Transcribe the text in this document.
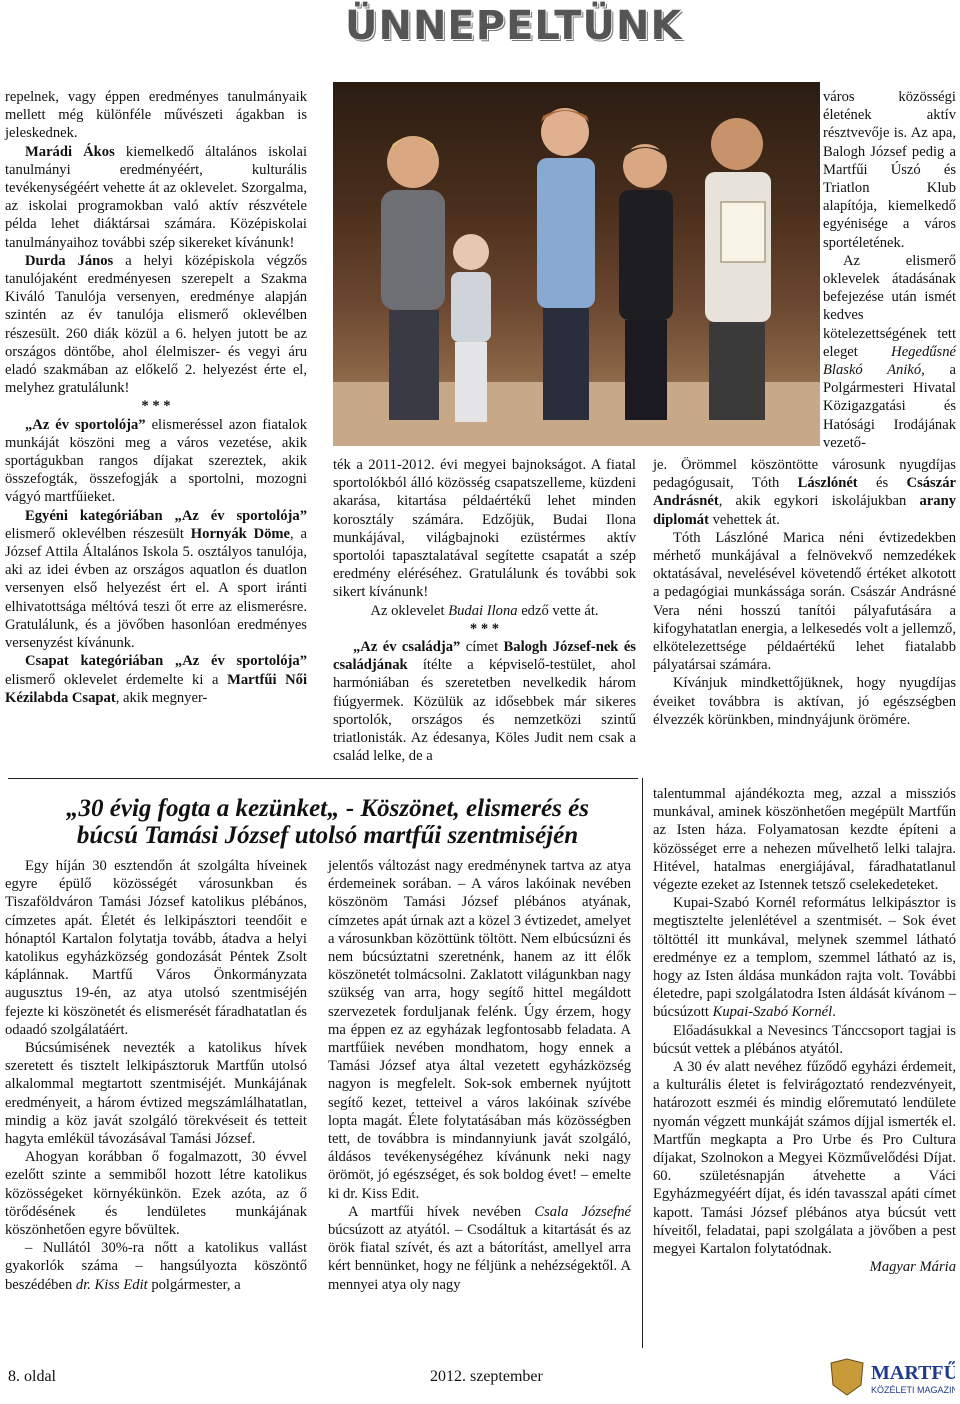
ÜNNEPELTÜNK

repelnek, vagy éppen eredményes tanulmányaik mellett még különféle művészeti ágakban is jeleskednek.

Marádi Ákos kiemelkedő általános iskolai tanulmányi eredményéért, kulturális tevékenységéért vehette át az oklevelet. Szorgalma, az iskolai programokban való aktív részvétele példa lehet diáktársai számára. Középiskolai tanulmányaihoz további szép sikereket kívánunk!

Durda János a helyi középiskola végzős tanulójaként eredményesen szerepelt a Szakma Kiváló Tanulója versenyen, eredménye alapján szintén az év tanulója elismerő oklevélben részesült. 260 diák közül a 6. helyen jutott be az országos döntőbe, ahol élelmiszer- és vegyi áru eladó szakmában az előkelő 2. helyezést érte el, melyhez gratulálunk!

* * *

„Az év sportolója” elismeréssel azon fiatalok munkáját köszöni meg a város vezetése, akik sportágukban rangos díjakat szereztek, akik összefogták, összefogják a sportolni, mozogni vágyó martfűieket.

Egyéni kategóriában „Az év sportolója” elismerő oklevélben részesült Hornyák Döme, a József Attila Általános Iskola 5. osztályos tanulója, aki az idei évben az országos aquatlon és duatlon versenyen első helyezést ért el. A sport iránti elhivatottsága méltóvá teszi őt erre az elismerésre. Gratulálunk, és a jövőben hasonlóan eredményes versenyzést kívánunk.

Csapat kategóriában „Az év sportolója” elismerő oklevelet érdemelte ki a Martfűi Női Kézilabda Csapat, akik megnyer-

ték a 2011-2012. évi megyei bajnokságot. A fiatal sportolókból álló közösség csapatszelleme, küzdeni akarása, kitartása példaértékű lehet minden korosztály számára. Edzőjük, Budai Ilona munkájával, világbajnoki ezüstérmes aktív sportolói tapasztalatával segítette csapatát a szép eredmény eléréséhez. Gratulálunk és további sok sikert kívánunk!

Az oklevelet Budai Ilona edző vette át.

* * *

„Az év családja” címet Balogh József-nek és családjának ítélte a képviselő-testület, ahol harmóniában és szeretetben nevelkedik három fiúgyermek. Közülük az idősebbek már sikeres sportolók, országos és nemzetközi szintű triatlonisták. Az édesanya, Köles Judit nem csak a család lelke, de a

város közösségi életének aktív résztvevője is. Az apa, Balogh József pedig a Martfűi Úszó és Triatlon Klub alapítója, kiemelkedő egyénisége a város sportéletének.

Az elismerő oklevelek átadásának befejezése után ismét kedves kötelezettségének tett eleget Hegedűsné Blaskó Anikó, a Polgármesteri Hivatal Közigazgatási és Hatósági Irodájának vezető-

je. Örömmel köszöntötte városunk nyugdíjas pedagógusait, Tóth Lászlónét és Császár Andrásnét, akik egykori iskolájukban arany diplomát vehettek át.

Tóth Lászlóné Marica néni évtizedekben mérhető munkájával a felnövekvő nemzedékek oktatásával, nevelésével követendő értéket alkotott a pedagógiai munkássága során. Császár Andrásné Vera néni hosszú tanítói pályafutására a kifogyhatatlan energia, a lelkesedés volt a jellemző, elkötelezettsége példaértékű lehet fiatalabb pályatársai számára.

Kívánjuk mindkettőjüknek, hogy nyugdíjas éveiket továbbra is aktívan, jó egészségben élvezzék körünkben, mindnyájunk örömére.

„30 évig fogta a kezünket„ - Köszönet, elismerés és
búcsú Tamási József utolsó martfűi szentmiséjén

Egy híján 30 esztendőn át szolgálta híveinek egyre épülő közösségét városunkban és Tiszaföldváron Tamási József katolikus plébános, címzetes apát. Életét és lelkipásztori teendőit e hónaptól Kartalon folytatja tovább, átadva a helyi katolikus egyházközség gondozását Péntek Zsolt káplánnak. Martfű Város Önkormányzata augusztus 19-én, az atya utolsó szentmiséjén fejezte ki köszönetét és elismerését fáradhatatlan és odaadó szolgálatáért.

Búcsúmisének nevezték a katolikus hívek szeretett és tisztelt lelkipásztoruk Martfűn utolsó alkalommal megtartott szentmiséjét. Munkájának eredményeit, a három évtized megszámlálhatatlan, mindig a köz javát szolgáló törekvéseit és tetteit hagyta emlékül távozásával Tamási József.

Ahogyan korábban ő fogalmazott, 30 évvel ezelőtt szinte a semmiből hozott létre katolikus közösségeket környékünkön. Ezek azóta, az ő törődésének és lendületes munkájának köszönhetően egyre bővültek.

– Nullától 30%-ra nőtt a katolikus vallást gyakorlók száma – hangsúlyozta köszöntő beszédében dr. Kiss Edit polgármester, a

jelentős változást nagy eredménynek tartva az atya érdemeinek sorában. – A város lakóinak nevében köszönöm Tamási József plébános atyának, címzetes apát úrnak azt a közel 3 évtizedet, amelyet a városunkban közöttünk töltött. Nem elbúcsúzni és nem búcsúztatni szeretnénk, hanem az itt élők köszönetét tolmácsolni. Zaklatott világunkban nagy szükség van arra, hogy segítő hittel megáldott szervezetek forduljanak felénk. Úgy érzem, hogy ma éppen ez az egyházak legfontosabb feladata. A martfűiek nevében mondhatom, hogy ennek a Tamási József atya által vezetett egyházközség nagyon is megfelelt. Sok-sok embernek nyújtott segítő kezet, tetteivel a város lakóinak szívébe loptа magát. Élete folytatásában más közösségben tett, de továbbra is mindannyiunk javát szolgáló, áldásos tevékenységéhez kívánunk neki nagy örömöt, jó egészséget, és sok boldog évet! – emelte ki dr. Kiss Edit.

A martfűi hívek nevében Csala Józsefné búcsúzott az atyától. – Csodáltuk a kitartását és az örök fiatal szívét, és azt a bátorítást, amellyel arra kért bennünket, hogy ne féljünk a nehézségektől. A mennyei atya oly nagy

talentummal ajándékozta meg, azzal a missziós munkával, aminek köszönhetően megépült Martfűn az Isten háza. Folyamatosan kezdte építeni a közösséget erre a nehezen művelhető lelki talajra. Hitével, hatalmas energiájával, fáradhatatlanul végezte ezeket az Istennek tetsző cselekedeteket.

Kupai-Szabó Kornél református lelkipásztor is megtisztelte jelenlétével a szentmisét. – Sok évet töltöttél itt munkával, melynek szemmel látható eredménye ez a templom, szemmel látható az is, hogy az Isten áldása munkádon rajta volt. További életedre, papi szolgálatodra Isten áldását kívánom – búcsúzott Kupai-Szabó Kornél.

Előadásukkal a Nevesincs Tánccsoport tagjai is búcsút vettek a plébános atyától.

A 30 év alatt nevéhez fűződő egyházi érdemeit, a kulturális életet is felvirágoztató rendezvényeit, határozott eszméi és mindig előremutató lendülete nyomán végzett munkáját számos díjjal ismerték el. Martfűn megkapta a Pro Urbe és Pro Cultura díjakat, Szolnokon a Megyei Közművelődési Díjat. 60. születésnapján átvehette a Váci Egyházmegyéért díjat, és idén tavasszal apáti címet kapott. Tamási József plébános atya búcsút vett híveitől, feladatai, papi szolgálata a jövőben a pest megyei Kartalon folytatódnak.

Magyar Mária

8. oldal	2012. szeptember	MARTFŰ
KÖZÉLETI MAGAZIN
